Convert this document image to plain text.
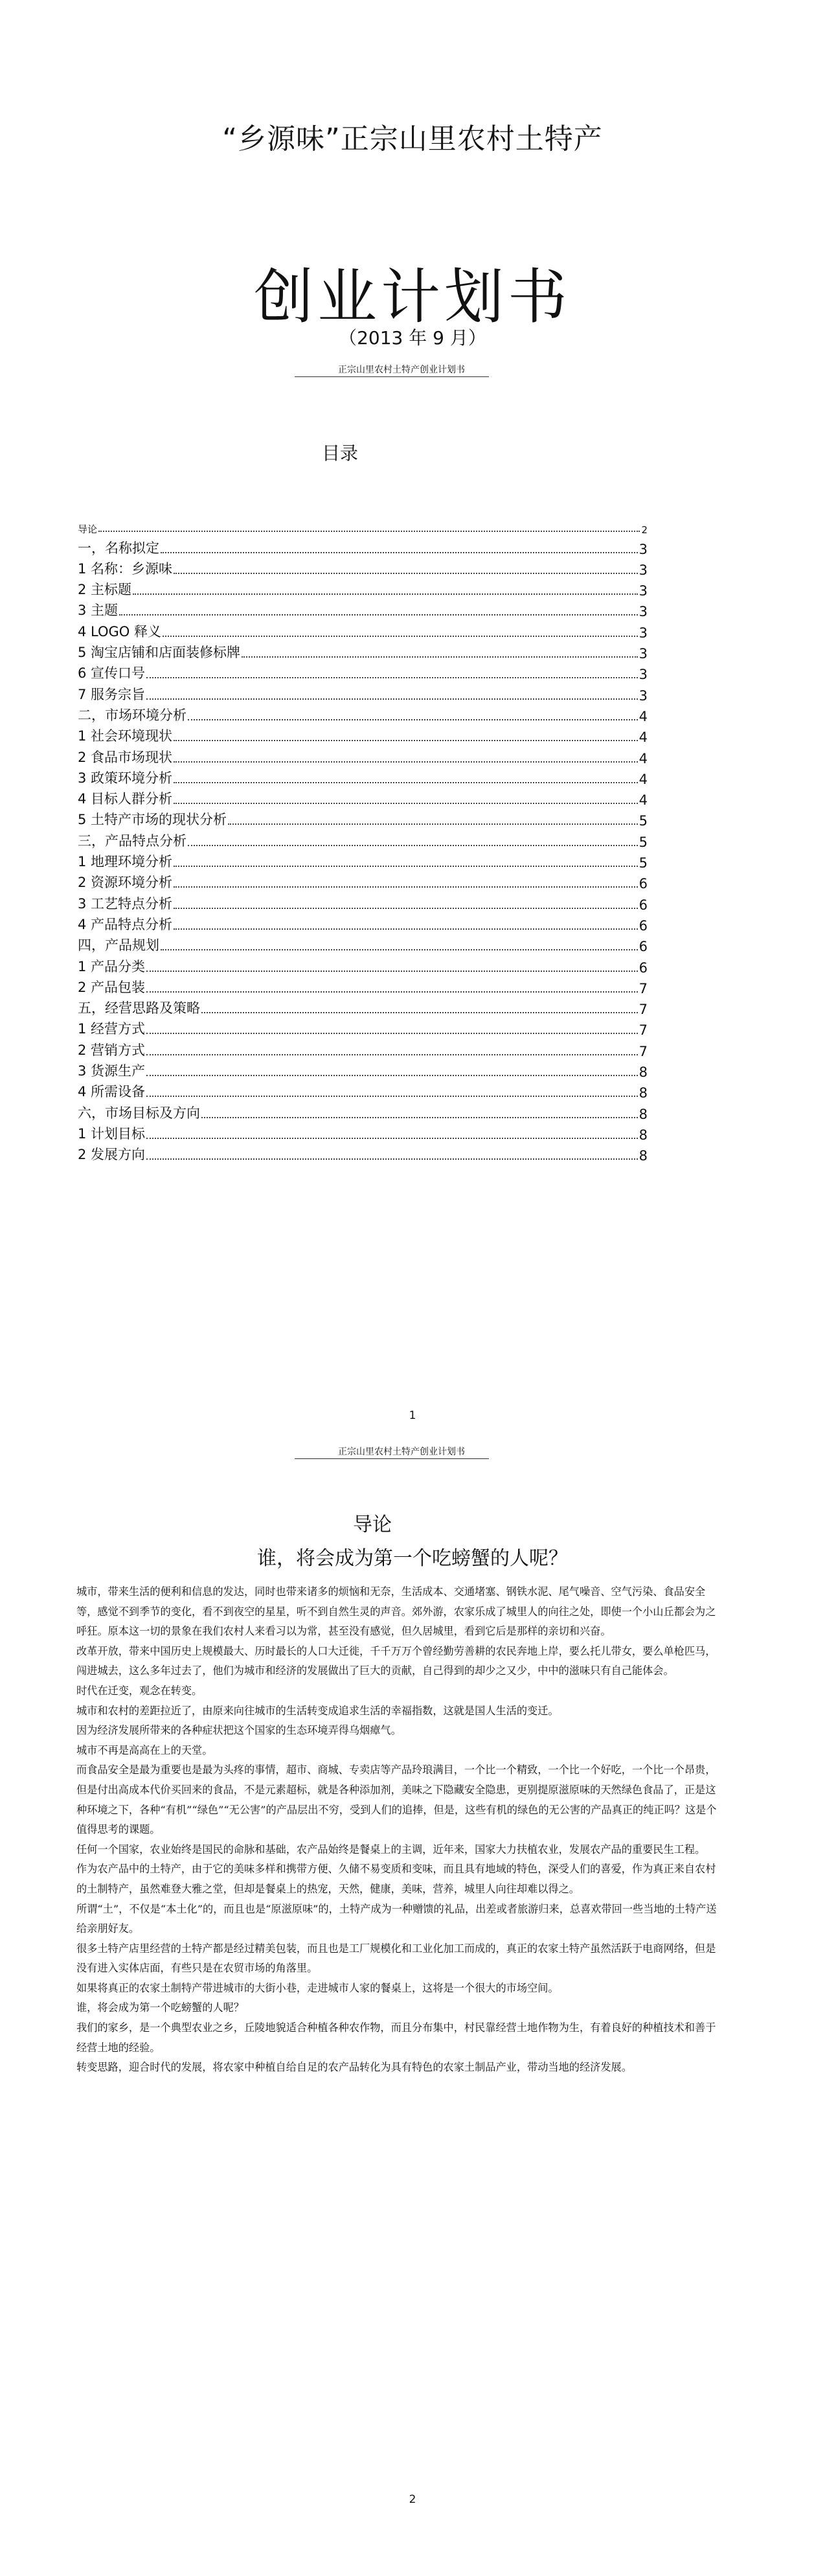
“乡源味”正宗山里农村土特产
创业计划书
（2013 年 9 月）
正宗山里农村土特产创业计划书
目录
导论	2
一，名称拟定	3
1 名称：乡源味	3
2 主标题	3
3 主题	3
4 LOGO 释义	3
5 淘宝店铺和店面装修标牌	3
6 宣传口号	3
7 服务宗旨	3
二，市场环境分析	4
1 社会环境现状	4
2 食品市场现状	4
3 政策环境分析	4
4 目标人群分析	4
5 土特产市场的现状分析	5
三，产品特点分析	5
1 地理环境分析	5
2 资源环境分析	6
3 工艺特点分析	6
4 产品特点分析	6
四，产品规划	6
1 产品分类	6
2 产品包装	7
五，经营思路及策略	7
1 经营方式	7
2 营销方式	7
3 货源生产	8
4 所需设备	8
六，市场目标及方向	8
1 计划目标	8
2 发展方向	8
1
正宗山里农村土特产创业计划书
导论
谁，将会成为第一个吃螃蟹的人呢？

城市，带来生活的便利和信息的发达，同时也带来诸多的烦恼和无奈，生活成本、交通堵塞、钢铁水泥、尾气噪音、空气污染、食品安全等，感觉不到季节的变化，看不到夜空的星星，听不到自然生灵的声音。郊外游，农家乐成了城里人的向往之处，即使一个小山丘都会为之呼狂。原本这一切的景象在我们农村人来看习以为常，甚至没有感觉，但久居城里，看到它后是那样的亲切和兴奋。

改革开放，带来中国历史上规模最大、历时最长的人口大迁徙，千千万万个曾经勤劳善耕的农民奔地上岸，要么托儿带女，要么单枪匹马，闯进城去，这么多年过去了，他们为城市和经济的发展做出了巨大的贡献，自己得到的却少之又少，中中的滋味只有自己能体会。

时代在迁变，观念在转变。

城市和农村的差距拉近了，由原来向往城市的生活转变成追求生活的幸福指数，这就是国人生活的变迁。

因为经济发展所带来的各种症状把这个国家的生态环境弄得乌烟瘴气。

城市不再是高高在上的天堂。

而食品安全是最为重要也是最为头疼的事情，超市、商城、专卖店等产品玲琅满目，一个比一个精致，一个比一个好吃，一个比一个昂贵，但是付出高成本代价买回来的食品，不是元素超标，就是各种添加剂，美味之下隐藏安全隐患，更别提原滋原味的天然绿色食品了，正是这种环境之下，各种“有机”“绿色”“无公害”的产品层出不穷，受到人们的追捧，但是，这些有机的绿色的无公害的产品真正的纯正吗？这是个值得思考的课题。

任何一个国家，农业始终是国民的命脉和基础，农产品始终是餐桌上的主调，近年来，国家大力扶植农业，发展农产品的重要民生工程。

作为农产品中的土特产，由于它的美味多样和携带方便、久储不易变质和变味，而且具有地域的特色，深受人们的喜爱，作为真正来自农村的土制特产，虽然难登大雅之堂，但却是餐桌上的热宠，天然，健康，美味，营养，城里人向往却难以得之。

所谓“土”，不仅是“本土化”的，而且也是“原滋原味”的，土特产成为一种赠馈的礼品，出差或者旅游归来，总喜欢带回一些当地的土特产送给亲朋好友。

很多土特产店里经营的土特产都是经过精美包装，而且也是工厂规模化和工业化加工而成的，真正的农家土特产虽然活跃于电商网络，但是没有进入实体店面，有些只是在农贸市场的角落里。

如果将真正的农家土制特产带进城市的大街小巷，走进城市人家的餐桌上，这将是一个很大的市场空间。

谁，将会成为第一个吃螃蟹的人呢？

我们的家乡，是一个典型农业之乡，丘陵地貌适合种植各种农作物，而且分布集中，村民靠经营土地作物为生，有着良好的种植技术和善于经营土地的经验。

转变思路，迎合时代的发展，将农家中种植自给自足的农产品转化为具有特色的农家土制品产业，带动当地的经济发展。

2
